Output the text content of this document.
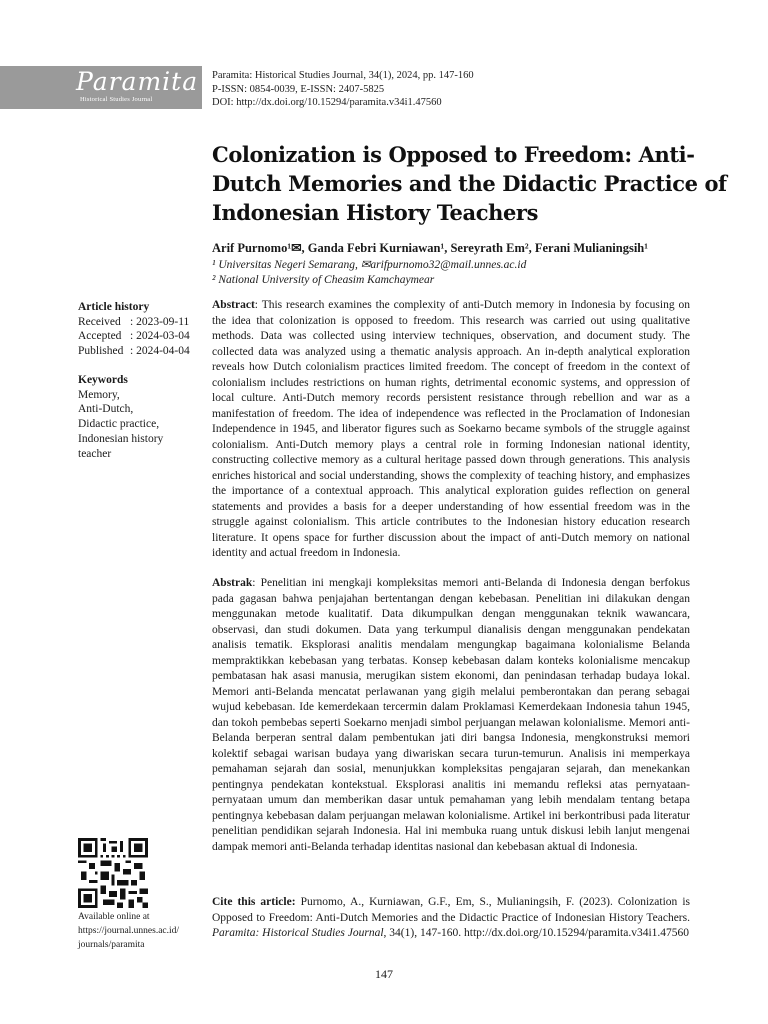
Paramita
Historical Studies Journal
Paramita: Historical Studies Journal, 34(1), 2024, pp. 147-160
P-ISSN: 0854-0039, E-ISSN: 2407-5825
DOI: http://dx.doi.org/10.15294/paramita.v34i1.47560
Colonization is Opposed to Freedom: Anti-Dutch Memories and the Didactic Practice of Indonesian History Teachers
Arif Purnomo¹✉, Ganda Febri Kurniawan¹, Sereyrath Em², Ferani Mulianingsih¹
¹ Universitas Negeri Semarang, ✉arifpurnomo32@mail.unnes.ac.id
² National University of Cheasim Kamchaymear
Article history
Received : 2023-09-11
Accepted : 2024-03-04
Published : 2024-04-04
Keywords
Memory,
Anti-Dutch,
Didactic practice,
Indonesian history teacher

Abstract: This research examines the complexity of anti-Dutch memory in Indonesia by focusing on the idea that colonization is opposed to freedom. This research was carried out using qualitative methods. Data was collected using interview techniques, observation, and document study. The collected data was analyzed using a thematic analysis approach. An in-depth analytical exploration reveals how Dutch colonialism practices limited freedom. The concept of freedom in the context of colonialism includes restrictions on human rights, detrimental economic systems, and oppression of local culture. Anti-Dutch memory records persistent resistance through rebellion and war as a manifestation of freedom. The idea of independence was reflected in the Proclamation of Indonesian Independence in 1945, and liberator figures such as Soekarno became symbols of the struggle against colonialism. Anti-Dutch memory plays a central role in forming Indonesian national identity, constructing collective memory as a cultural heritage passed down through generations. This analysis enriches historical and social understanding, shows the complexity of teaching history, and emphasizes the importance of a contextual approach. This analytical exploration guides reflection on general statements and provides a basis for a deeper understanding of how essential freedom was in the struggle against colonialism. This article contributes to the Indonesian history education research literature. It opens space for further discussion about the impact of anti-Dutch memory on national identity and actual freedom in Indonesia.

Abstrak: Penelitian ini mengkaji kompleksitas memori anti-Belanda di Indonesia dengan berfokus pada gagasan bahwa penjajahan bertentangan dengan kebebasan. Penelitian ini dilakukan dengan menggunakan metode kualitatif. Data dikumpulkan dengan menggunakan teknik wawancara, observasi, dan studi dokumen. Data yang terkumpul dianalisis dengan menggunakan pendekatan analisis tematik. Eksplorasi analitis mendalam mengungkap bagaimana kolonialisme Belanda mempraktikkan kebebasan yang terbatas. Konsep kebebasan dalam konteks kolonialisme mencakup pembatasan hak asasi manusia, merugikan sistem ekonomi, dan penindasan terhadap budaya lokal. Memori anti-Belanda mencatat perlawanan yang gigih melalui pemberontakan dan perang sebagai wujud kebebasan. Ide kemerdekaan tercermin dalam Proklamasi Kemerdekaan Indonesia tahun 1945, dan tokoh pembebas seperti Soekarno menjadi simbol perjuangan melawan kolonialisme. Memori anti-Belanda berperan sentral dalam pembentukan jati diri bangsa Indonesia, mengkonstruksi memori kolektif sebagai warisan budaya yang diwariskan secara turun-temurun. Analisis ini memperkaya pemahaman sejarah dan sosial, menunjukkan kompleksitas pengajaran sejarah, dan menekankan pentingnya pendekatan kontekstual. Eksplorasi analitis ini memandu refleksi atas pernyataan-pernyataan umum dan memberikan dasar untuk pemahaman yang lebih mendalam tentang betapa pentingnya kebebasan dalam perjuangan melawan kolonialisme. Artikel ini berkontribusi pada literatur penelitian pendidikan sejarah Indonesia. Hal ini membuka ruang untuk diskusi lebih lanjut mengenai dampak memori anti-Belanda terhadap identitas nasional dan kebebasan aktual di Indonesia.

Cite this article: Purnomo, A., Kurniawan, G.F., Em, S., Mulianingsih, F. (2023). Colonization is Opposed to Freedom: Anti-Dutch Memories and the Didactic Practice of Indonesian History Teachers. Paramita: Historical Studies Journal, 34(1), 147-160. http://dx.doi.org/10.15294/paramita.v34i1.47560

Available online at
https://journal.unnes.ac.id/
journals/paramita
147
